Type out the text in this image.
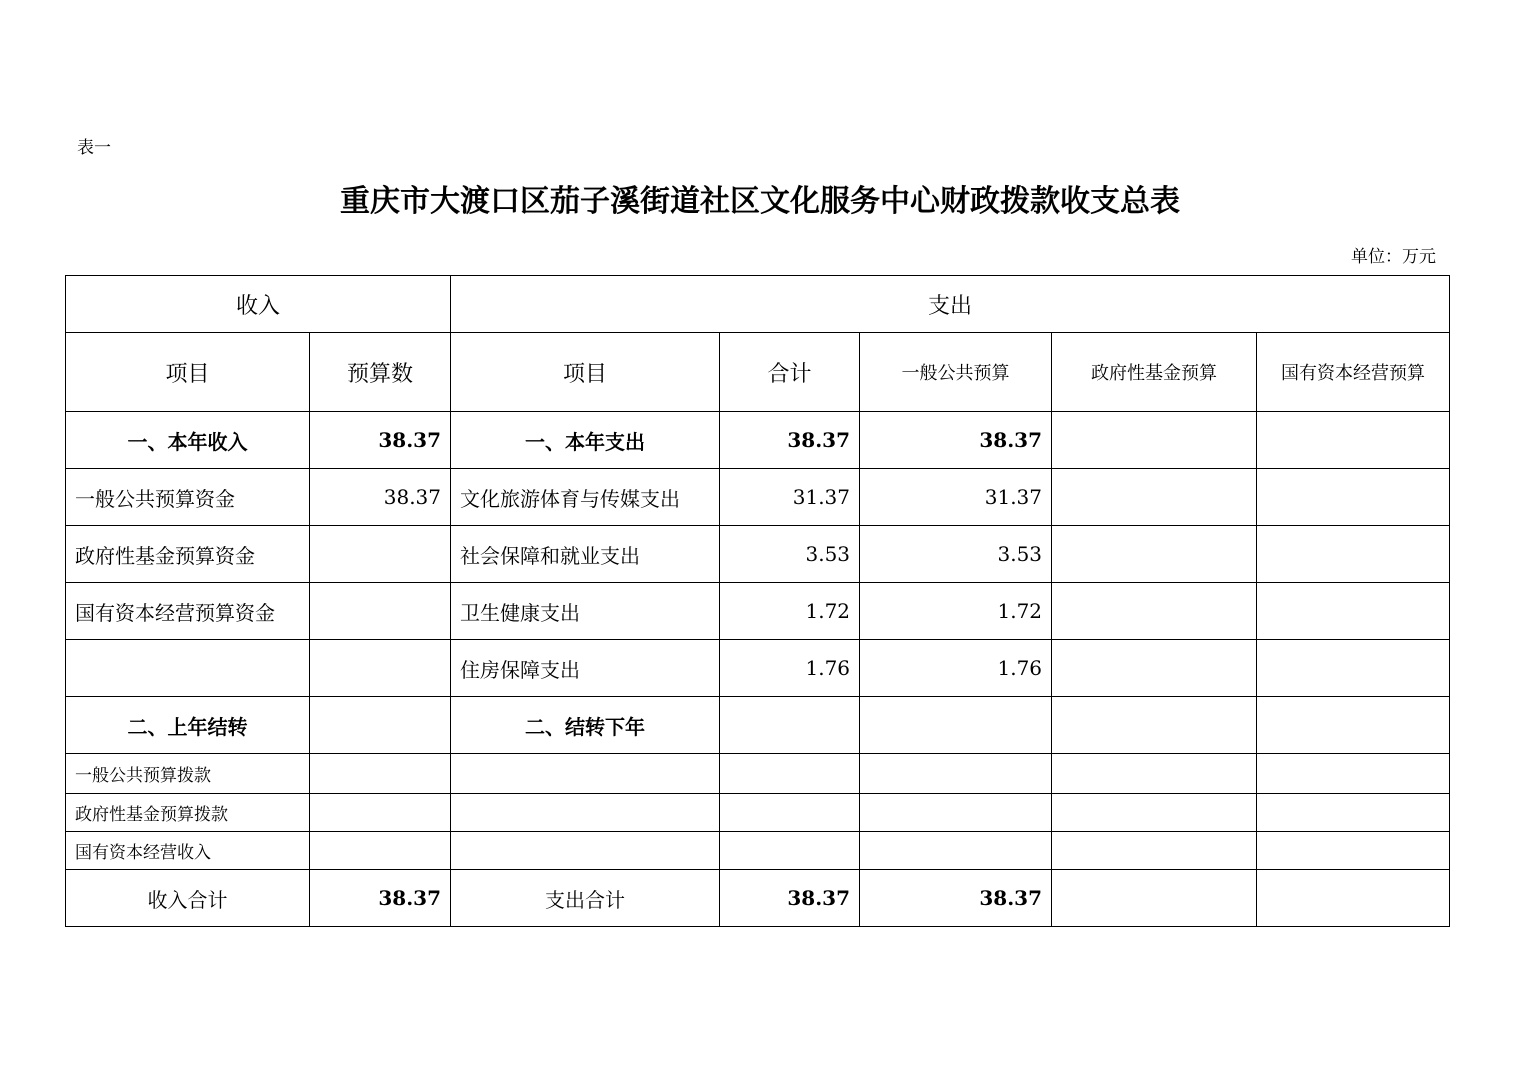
表一
重庆市大渡口区茄子溪街道社区文化服务中心财政拨款收支总表
单位：万元
收入		支出				
项目	预算数	项目	合计	一般公共预算	政府性基金预算	国有资本经营预算
一、本年收入	38.37	一、本年支出	38.37	38.37		
一般公共预算资金	38.37	文化旅游体育与传媒支出	31.37	31.37		
政府性基金预算资金		社会保障和就业支出	3.53	3.53		
国有资本经营预算资金		卫生健康支出	1.72	1.72		
		住房保障支出	1.76	1.76		
二、上年结转		二、结转下年				
一般公共预算拨款						
政府性基金预算拨款						
国有资本经营收入						
收入合计	38.37	支出合计	38.37	38.37		
